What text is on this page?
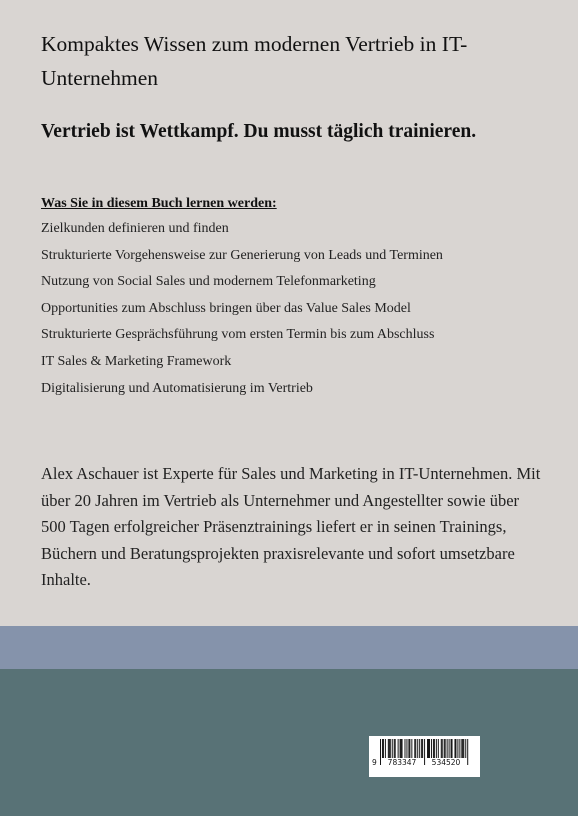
Kompaktes Wissen zum modernen Vertrieb in IT-Unternehmen
Vertrieb ist Wettkampf. Du musst täglich trainieren.

Was Sie in diesem Buch lernen werden:

Zielkunden definieren und finden
Strukturierte Vorgehensweise zur Generierung von Leads und Terminen
Nutzung von Social Sales und modernem Telefonmarketing
Opportunities zum Abschluss bringen über das Value Sales Model
Strukturierte Gesprächsführung vom ersten Termin bis zum Abschluss
IT Sales & Marketing Framework
Digitalisierung und Automatisierung im Vertrieb

Alex Aschauer ist Experte für Sales und Marketing in IT-Unternehmen. Mit über 20 Jahren im Vertrieb als Unternehmer und Angestellter sowie über 500 Tagen erfolgreicher Präsenztrainings liefert er in seinen Trainings, Büchern und Beratungsprojekten praxisrelevante und sofort umsetzbare Inhalte.

9	783347	534520
